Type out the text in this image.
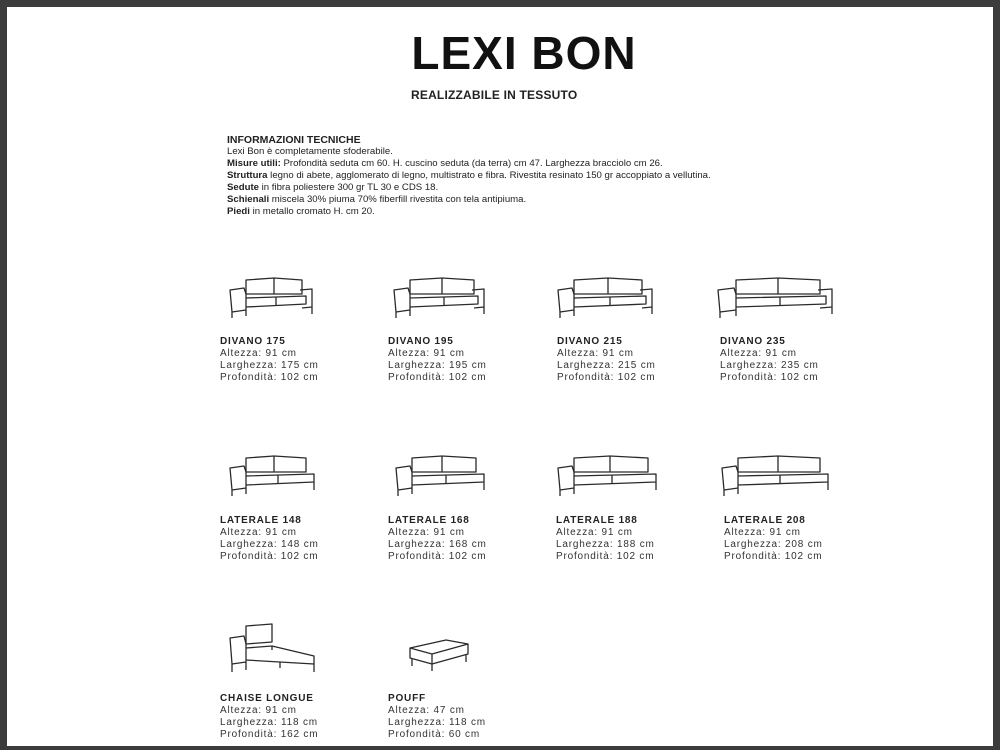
LEXI BON
REALIZZABILE IN TESSUTO
INFORMAZIONI TECNICHE
Lexi Bon è completamente sfoderabile.
Misure utili: Profondità seduta cm 60. H. cuscino seduta (da terra) cm 47. Larghezza bracciolo cm 26.
Struttura legno di abete, agglomerato di legno, multistrato e fibra. Rivestita resinato 150 gr accoppiato a vellutina.
Sedute in fibra poliestere 300 gr TL 30 e CDS 18.
Schienali miscela 30% piuma 70% fiberfill rivestita con tela antipiuma.
Piedi in metallo cromato H. cm 20.
DIVANO 175
Altezza: 91 cm
Larghezza: 175 cm
Profondità: 102 cm
DIVANO 195
Altezza: 91 cm
Larghezza: 195 cm
Profondità: 102 cm
DIVANO 215
Altezza: 91 cm
Larghezza: 215 cm
Profondità: 102 cm
DIVANO 235
Altezza: 91 cm
Larghezza: 235 cm
Profondità: 102 cm
LATERALE 148
Altezza: 91 cm
Larghezza: 148 cm
Profondità: 102 cm
LATERALE 168
Altezza: 91 cm
Larghezza: 168 cm
Profondità: 102 cm
LATERALE 188
Altezza: 91 cm
Larghezza: 188 cm
Profondità: 102 cm
LATERALE 208
Altezza: 91 cm
Larghezza: 208 cm
Profondità: 102 cm
CHAISE LONGUE
Altezza: 91 cm
Larghezza: 118 cm
Profondità: 162 cm
POUFF
Altezza: 47 cm
Larghezza: 118 cm
Profondità: 60 cm
